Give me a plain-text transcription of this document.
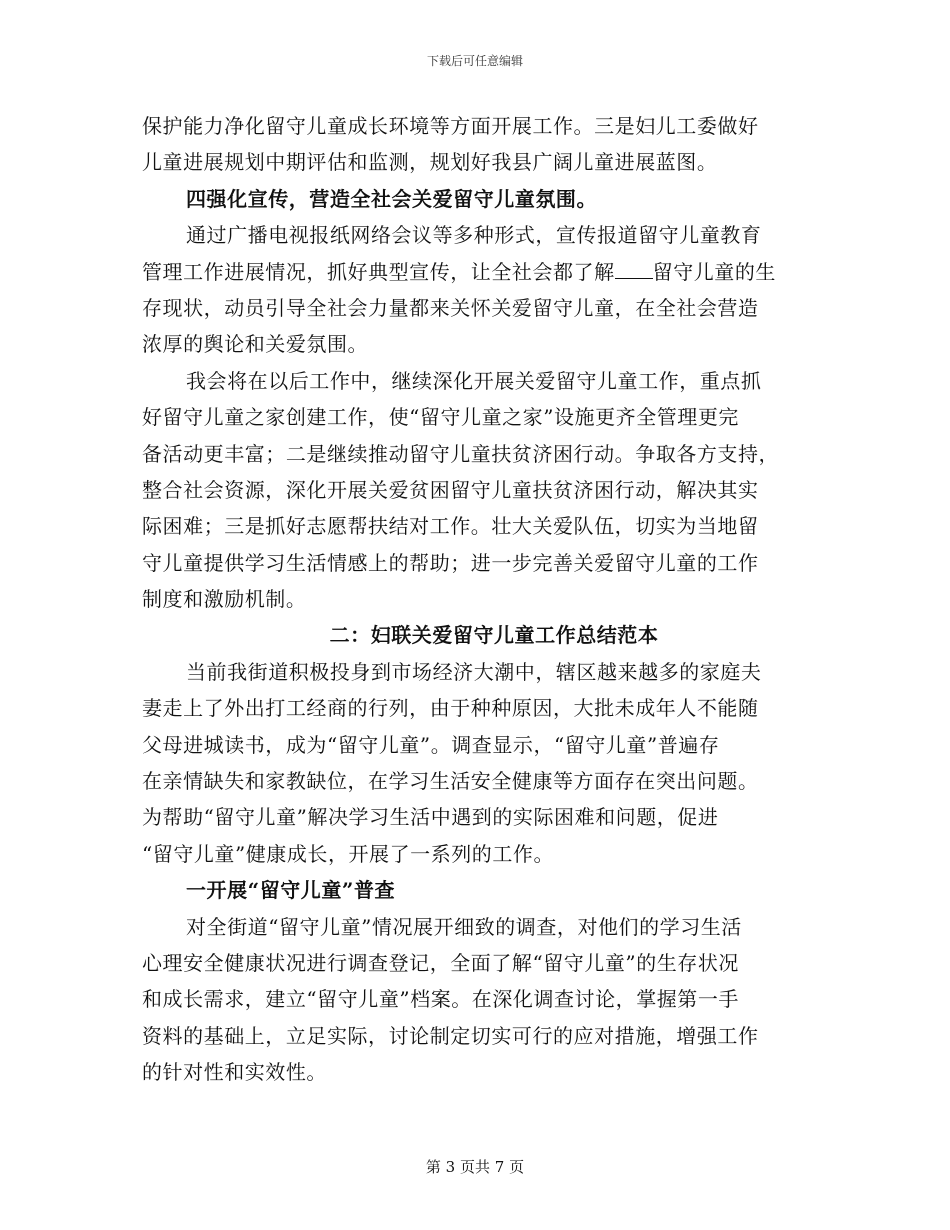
下载后可任意编辑
保护能力净化留守儿童成长环境等方面开展工作。三是妇儿工委做好
儿童进展规划中期评估和监测，规划好我县广阔儿童进展蓝图。
四强化宣传，营造全社会关爱留守儿童氛围。
通过广播电视报纸网络会议等多种形式，宣传报道留守儿童教育
管理工作进展情况，抓好典型宣传，让全社会都了解 留守儿童的生
存现状，动员引导全社会力量都来关怀关爱留守儿童，在全社会营造
浓厚的舆论和关爱氛围。
我会将在以后工作中，继续深化开展关爱留守儿童工作，重点抓
好留守儿童之家创建工作，使“留守儿童之家”设施更齐全管理更完
备活动更丰富；二是继续推动留守儿童扶贫济困行动。争取各方支持，
整合社会资源，深化开展关爱贫困留守儿童扶贫济困行动，解决其实
际困难；三是抓好志愿帮扶结对工作。壮大关爱队伍，切实为当地留
守儿童提供学习生活情感上的帮助；进一步完善关爱留守儿童的工作
制度和激励机制。
二：妇联关爱留守儿童工作总结范本
当前我街道积极投身到市场经济大潮中，辖区越来越多的家庭夫
妻走上了外出打工经商的行列，由于种种原因，大批未成年人不能随
父母进城读书，成为“留守儿童”。调查显示，“留守儿童”普遍存
在亲情缺失和家教缺位，在学习生活安全健康等方面存在突出问题。
为帮助“留守儿童”解决学习生活中遇到的实际困难和问题，促进
“留守儿童”健康成长，开展了一系列的工作。
一开展“留守儿童”普查
对全街道“留守儿童”情况展开细致的调查，对他们的学习生活
心理安全健康状况进行调查登记，全面了解“留守儿童”的生存状况
和成长需求，建立“留守儿童”档案。在深化调查讨论，掌握第一手
资料的基础上，立足实际，讨论制定切实可行的应对措施，增强工作
的针对性和实效性。
第 3 页共 7 页
